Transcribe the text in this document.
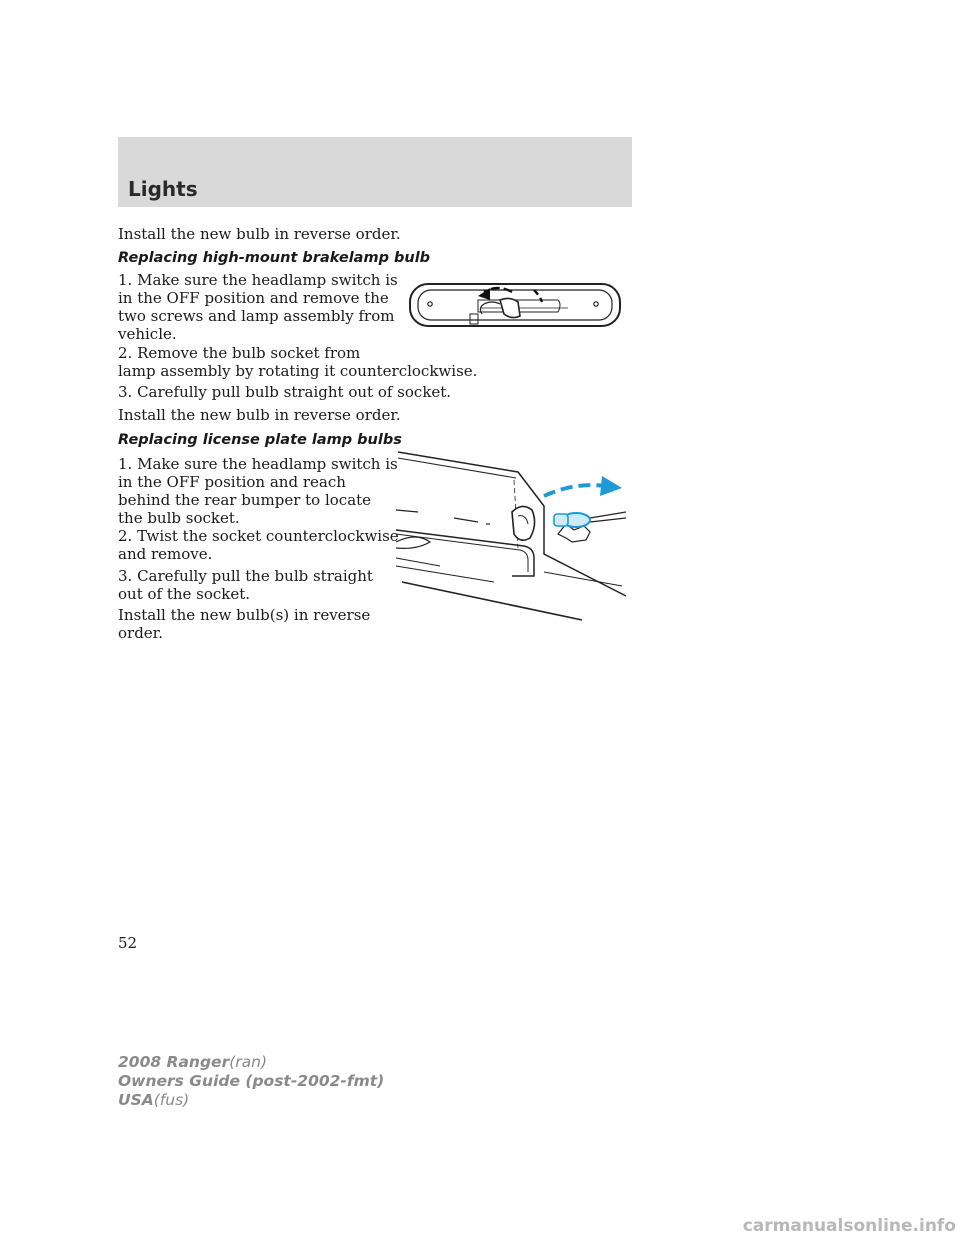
Lights

Install the new bulb in reverse order.

Replacing high-mount brakelamp bulb

1. Make sure the headlamp switch is
in the OFF position and remove the
two screws and lamp assembly from
vehicle.

2. Remove the bulb socket from
lamp assembly by rotating it counterclockwise.

3. Carefully pull bulb straight out of socket.

Install the new bulb in reverse order.

Replacing license plate lamp bulbs

1. Make sure the headlamp switch is
in the OFF position and reach
behind the rear bumper to locate
the bulb socket.

2. Twist the socket counterclockwise
and remove.

3. Carefully pull the bulb straight
out of the socket.

Install the new bulb(s) in reverse
order.

52
2008 Ranger(ran)
Owners Guide (post-2002-fmt)
USA(fus)
carmanualsonline.info
